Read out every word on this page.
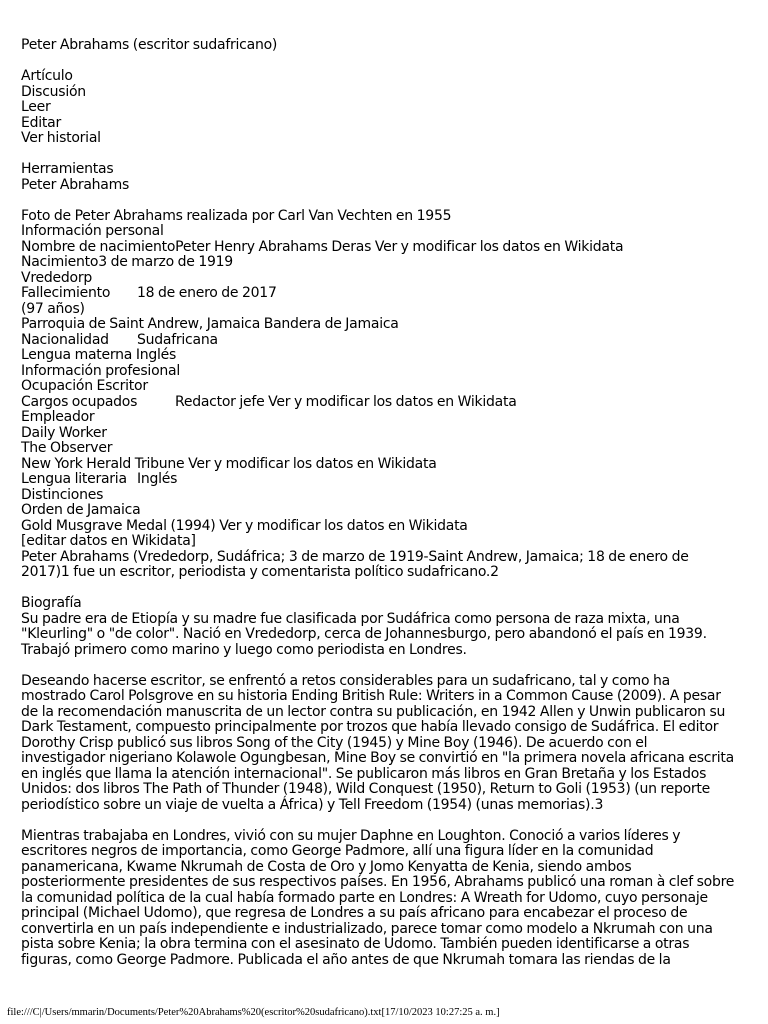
Peter Abrahams (escritor sudafricano)
Artículo
Discusión
Leer
Editar
Ver historial
Herramientas
Peter Abrahams
Foto de Peter Abrahams realizada por Carl Van Vechten en 1955
Información personal
Nombre de nacimientoPeter Henry Abrahams Deras Ver y modificar los datos en Wikidata
Nacimiento3 de marzo de 1919
Vrededorp
Fallecimiento 18 de enero de 2017
(97 años)
Parroquia de Saint Andrew, Jamaica Bandera de Jamaica
Nacionalidad Sudafricana
Lengua materna Inglés
Información profesional
Ocupación Escritor
Cargos ocupados	Redactor jefe Ver y modificar los datos en Wikidata
Empleador
Daily Worker
The Observer
New York Herald Tribune Ver y modificar los datos en Wikidata
Lengua literaria Inglés
Distinciones
Orden de Jamaica
Gold Musgrave Medal (1994) Ver y modificar los datos en Wikidata
[editar datos en Wikidata]
Peter Abrahams (Vrededorp, Sudáfrica; 3 de marzo de 1919-Saint Andrew, Jamaica; 18 de enero de
2017)1 fue un escritor, periodista y comentarista político sudafricano.2
Biografía
Su padre era de Etiopía y su madre fue clasificada por Sudáfrica como persona de raza mixta, una
"Kleurling" o "de color". Nació en Vrededorp, cerca de Johannesburgo, pero abandonó el país en 1939.
Trabajó primero como marino y luego como periodista en Londres.
Deseando hacerse escritor, se enfrentó a retos considerables para un sudafricano, tal y como ha
mostrado Carol Polsgrove en su historia Ending British Rule: Writers in a Common Cause (2009). A pesar
de la recomendación manuscrita de un lector contra su publicación, en 1942 Allen y Unwin publicaron su
Dark Testament, compuesto principalmente por trozos que había llevado consigo de Sudáfrica. El editor
Dorothy Crisp publicó sus libros Song of the City (1945) y Mine Boy (1946). De acuerdo con el
investigador nigeriano Kolawole Ogungbesan, Mine Boy se convirtió en "la primera novela africana escrita
en inglés que llama la atención internacional". Se publicaron más libros en Gran Bretaña y los Estados
Unidos: dos libros The Path of Thunder (1948), Wild Conquest (1950), Return to Goli (1953) (un reporte
periodístico sobre un viaje de vuelta a África) y Tell Freedom (1954) (unas memorias).3
Mientras trabajaba en Londres, vivió con su mujer Daphne en Loughton. Conoció a varios líderes y
escritores negros de importancia, como George Padmore, allí una figura líder en la comunidad
panamericana, Kwame Nkrumah de Costa de Oro y Jomo Kenyatta de Kenia, siendo ambos
posteriormente presidentes de sus respectivos países. En 1956, Abrahams publicó una roman à clef sobre
la comunidad política de la cual había formado parte en Londres: A Wreath for Udomo, cuyo personaje
principal (Michael Udomo), que regresa de Londres a su país africano para encabezar el proceso de
convertirla en un país independiente e industrializado, parece tomar como modelo a Nkrumah con una
pista sobre Kenia; la obra termina con el asesinato de Udomo. También pueden identificarse a otras
figuras, como George Padmore. Publicada el año antes de que Nkrumah tomara las riendas de la
file:///C|/Users/mmarin/Documents/Peter%20Abrahams%20(escritor%20sudafricano).txt[17/10/2023 10:27:25 a. m.]
